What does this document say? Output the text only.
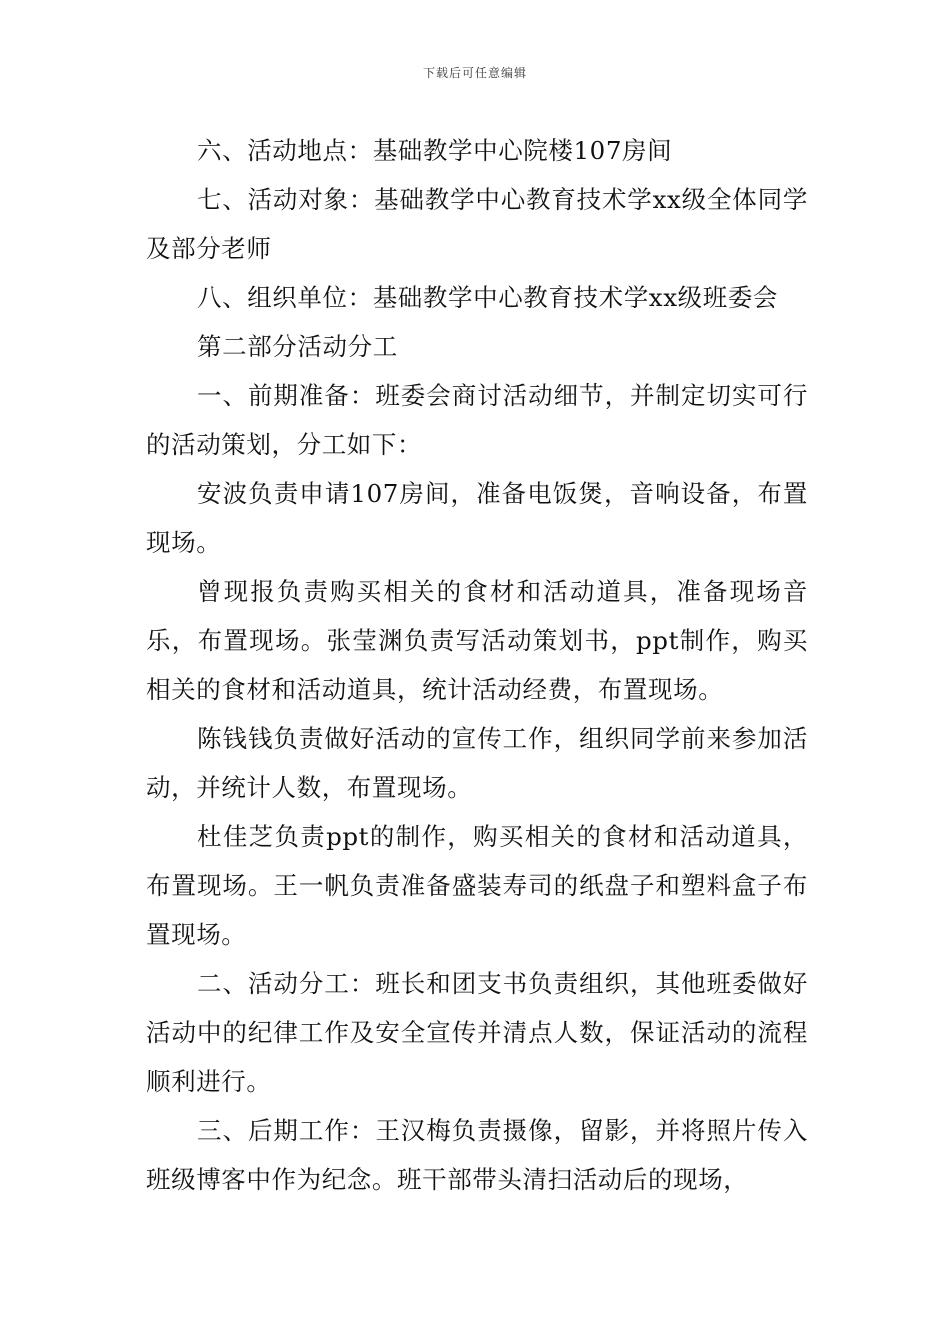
下载后可任意编辑

六、活动地点：基础教学中心院楼107房间

七、活动对象：基础教学中心教育技术学xx级全体同学及部分老师

八、组织单位：基础教学中心教育技术学xx级班委会

第二部分活动分工

一、前期准备：班委会商讨活动细节，并制定切实可行的活动策划，分工如下：

安波负责申请107房间，准备电饭煲，音响设备，布置现场。

曾现报负责购买相关的食材和活动道具，准备现场音乐，布置现场。张莹渊负责写活动策划书，ppt制作，购买相关的食材和活动道具，统计活动经费，布置现场。

陈钱钱负责做好活动的宣传工作，组织同学前来参加活动，并统计人数，布置现场。

杜佳芝负责ppt的制作，购买相关的食材和活动道具，布置现场。王一帆负责准备盛装寿司的纸盘子和塑料盒子布置现场。

二、活动分工：班长和团支书负责组织，其他班委做好活动中的纪律工作及安全宣传并清点人数，保证活动的流程顺利进行。

三、后期工作：王汉梅负责摄像，留影，并将照片传入班级博客中作为纪念。班干部带头清扫活动后的现场，
